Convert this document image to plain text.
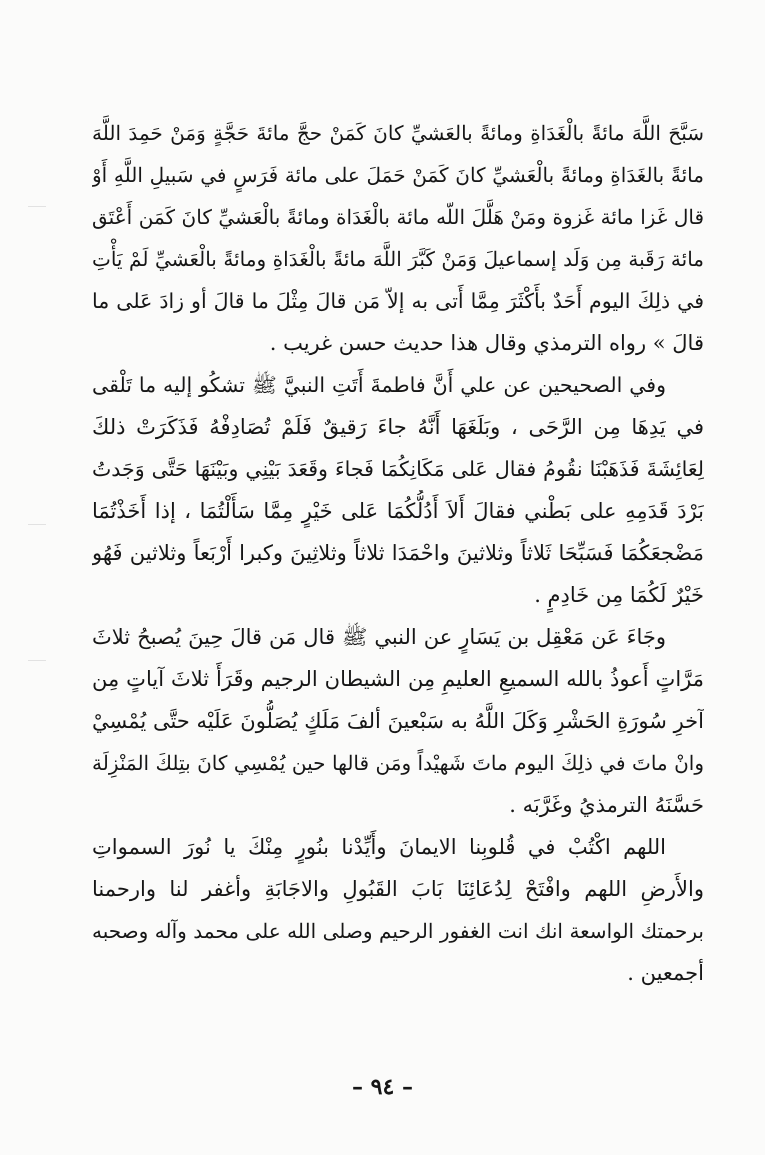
سَبَّحَ اللَّهَ مائةً بالْغَدَاةِ ومائةً بالعَشيِّ كانَ كَمَنْ حجَّ مائةَ حَجَّةٍ وَمَنْ حَمِدَ اللَّهَ
مائةً بالغَدَاةِ ومائةً بالْعَشيِّ كانَ كَمَنْ حَمَلَ على مائة فَرَسٍ في سَبيلِ اللَّهِ أَوْ
قال غَزا مائة غَزوة ومَنْ هَلَّلَ اللّه مائة بالْغَدَاة ومائةً بالْعَشيِّ كانَ كَمَن أَعْتَق
مائة رَقَبة مِن وَلَد إسماعيلَ وَمَنْ كَبَّرَ اللَّهَ مائةً بالْغَدَاةِ ومائةً بالْعَشيِّ لَمْ يَأْتِ
في ذلِكَ اليوم أَحَدٌ بأَكْثَرَ مِمَّا أَتى به إلاّ مَن قالَ مِثْلَ ما قالَ أو زادَ عَلى ما
قالَ » رواه الترمذي وقال هذا حديث حسن غريب .
وفي الصحيحين عن علي أَنَّ فاطمةَ أَتَتِ النبيَّ ﷺ تشكُو إليه ما تَلْقى
في يَدِهَا مِن الرَّحَى ، وبَلَغَهَا أَنَّهُ جاءَ رَقيقٌ فَلَمْ تُصَادِفْهُ فَذَكَرَتْ ذلكَ
لِعَائِشَةَ فَذَهَبْنَا نقُومُ فقال عَلى مَكَانِكُمَا فَجاءَ وقَعَدَ بَيْنِي وبَيْنَهَا حَتَّى وَجَدتُ
بَرْدَ قَدَمِهِ على بَطْني فقالَ أَلاَ أَدُلُّكُمَا عَلى خَيْرٍ مِمَّا سَأَلْتُمَا ، إذا أَخَذْتُمَا
مَضْجعَكُمَا فَسَبِّحَا ثَلاثاً وثلاثينَ واحْمَدَا ثلاثاً وثلاثِينَ وكبرا أَرْبَعاً وثلاثين فَهُو
خَيْرٌ لَكُمَا مِن خَادِمٍ .
وجَاءَ عَن مَعْقِل بن يَسَارٍ عن النبي ﷺ قال مَن قالَ حِينَ يُصبحُ ثلاثَ
مَرَّاتٍ أَعوذُ بالله السميعِ العليمِ مِن الشيطان الرجيم وقَرَأَ ثلاثَ آياتٍ مِن
آخرِ سُورَةِ الحَشْرِ وَكَلَ اللَّهُ به سَبْعينَ ألفَ مَلَكٍ يُصَلُّونَ عَلَيْه حتَّى يُمْسِيْ
وانْ ماتَ في ذلِكَ اليوم ماتَ شَهيْداً ومَن قالها حين يُمْسِي كانَ بتِلكَ المَنْزِلَة
حَسَّنَهُ الترمذيُ وغَرَّبَه .
اللهم اكْتُبْ في قُلوبِنا الايمانَ وأَيِّدْنا بنُورٍ مِنْكَ يا نُورَ السمواتِ
والأَرضِ اللهم وافْتَحْ لِدُعَائِنَا بَابَ القَبُولِ والاجَابَةِ وأغفر لنا وارحمنا
برحمتك الواسعة انك انت الغفور الرحيم وصلى الله على محمد وآله وصحبه
أجمعين .
– ٩٤ –
